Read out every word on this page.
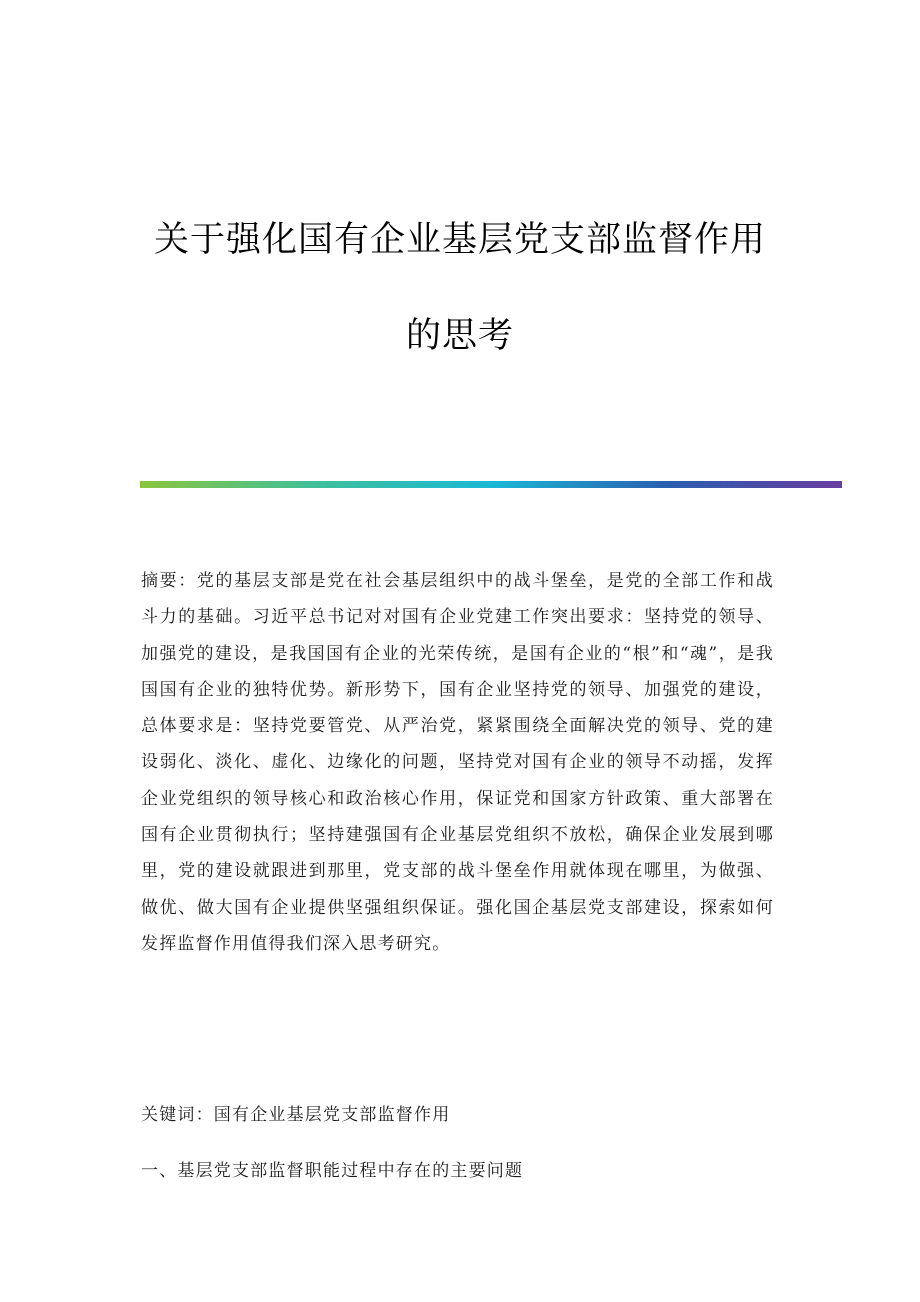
关于强化国有企业基层党支部监督作用
的思考

摘要：党的基层支部是党在社会基层组织中的战斗堡垒，是党的全部工作和战斗力的基础。习近平总书记对对国有企业党建工作突出要求：坚持党的领导、加强党的建设，是我国国有企业的光荣传统，是国有企业的“根”和“魂”，是我国国有企业的独特优势。新形势下，国有企业坚持党的领导、加强党的建设，总体要求是：坚持党要管党、从严治党，紧紧围绕全面解决党的领导、党的建设弱化、淡化、虚化、边缘化的问题，坚持党对国有企业的领导不动摇，发挥企业党组织的领导核心和政治核心作用，保证党和国家方针政策、重大部署在国有企业贯彻执行；坚持建强国有企业基层党组织不放松，确保企业发展到哪里，党的建设就跟进到那里，党支部的战斗堡垒作用就体现在哪里，为做强、做优、做大国有企业提供坚强组织保证。强化国企基层党支部建设，探索如何发挥监督作用值得我们深入思考研究。

关键词：国有企业基层党支部监督作用

一、基层党支部监督职能过程中存在的主要问题
